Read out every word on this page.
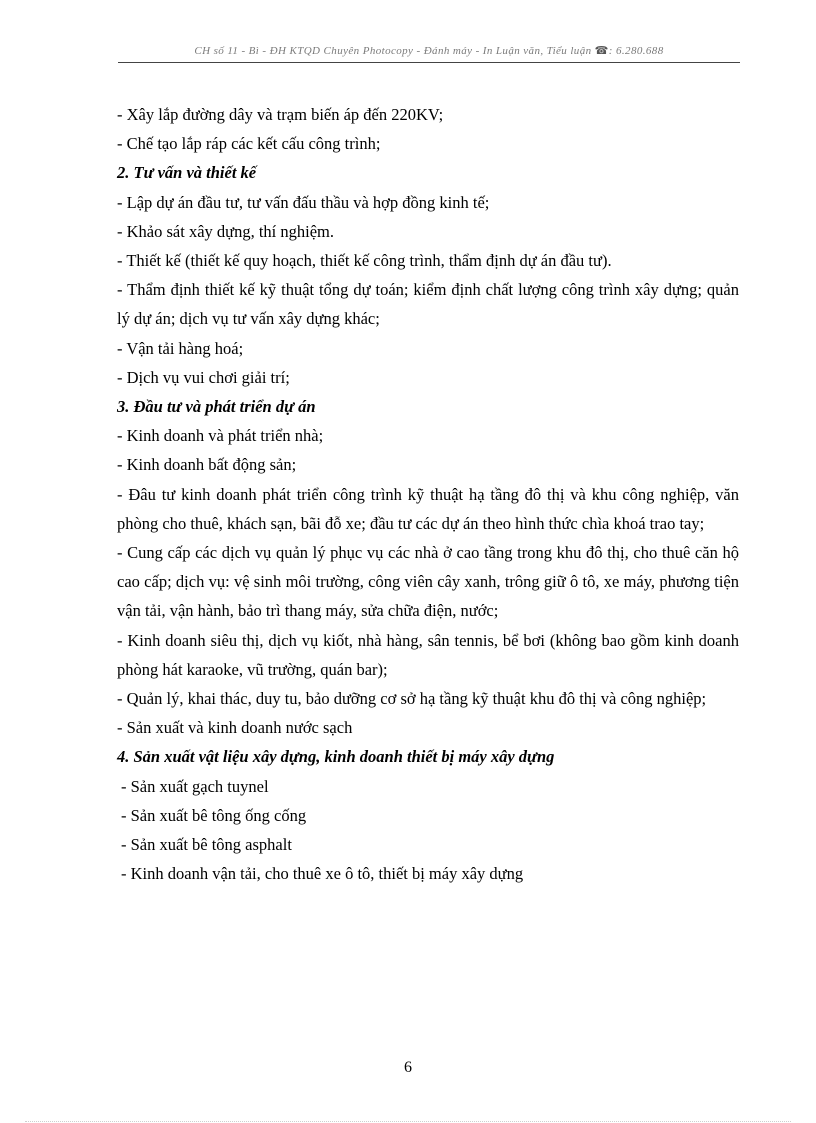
CH số 11 - Bì - ĐH KTQD Chuyên Photocopy - Đánh máy - In Luận văn, Tiểu luận ☎: 6.280.688

- Xây lắp đường dây và trạm biến áp đến 220KV;

- Chế tạo lắp ráp các kết cấu công trình;

2. Tư vấn và thiết kế

- Lập dự án đầu tư, tư vấn đấu thầu và hợp đồng kinh tế;

- Khảo sát xây dựng, thí nghiệm.

- Thiết kế (thiết kế quy hoạch, thiết kế công trình, thẩm định dự án đầu tư).

- Thẩm định thiết kế kỹ thuật tổng dự toán; kiểm định chất lượng công trình xây dựng; quản lý dự án; dịch vụ tư vấn xây dựng khác;

- Vận tải hàng hoá;

- Dịch vụ vui chơi giải trí;

3. Đầu tư và phát triển dự án

- Kinh doanh và phát triển nhà;

- Kinh doanh bất động sản;

- Đâu tư kinh doanh phát triển công trình kỹ thuật hạ tầng đô thị và khu công nghiệp, văn phòng cho thuê, khách sạn, bãi đỗ xe; đầu tư các dự án theo hình thức chìa khoá trao tay;

- Cung cấp các dịch vụ quản lý phục vụ các nhà ở cao tầng trong khu đô thị, cho thuê căn hộ cao cấp; dịch vụ: vệ sinh môi trường, công viên cây xanh, trông giữ ô tô, xe máy, phương tiện vận tải, vận hành, bảo trì thang máy, sửa chữa điện, nước;

- Kinh doanh siêu thị, dịch vụ kiốt, nhà hàng, sân tennis, bể bơi (không bao gồm kinh doanh phòng hát karaoke, vũ trường, quán bar);

- Quản lý, khai thác, duy tu, bảo dưỡng cơ sở hạ tầng kỹ thuật khu đô thị và công nghiệp;

- Sản xuất và kinh doanh nước sạch

4. Sản xuất vật liệu xây dựng, kinh doanh thiết bị máy xây dựng

- Sản xuất gạch tuynel

- Sản xuất bê tông ống cống

- Sản xuất bê tông asphalt

- Kinh doanh vận tải, cho thuê xe ô tô, thiết bị máy xây dựng

6
